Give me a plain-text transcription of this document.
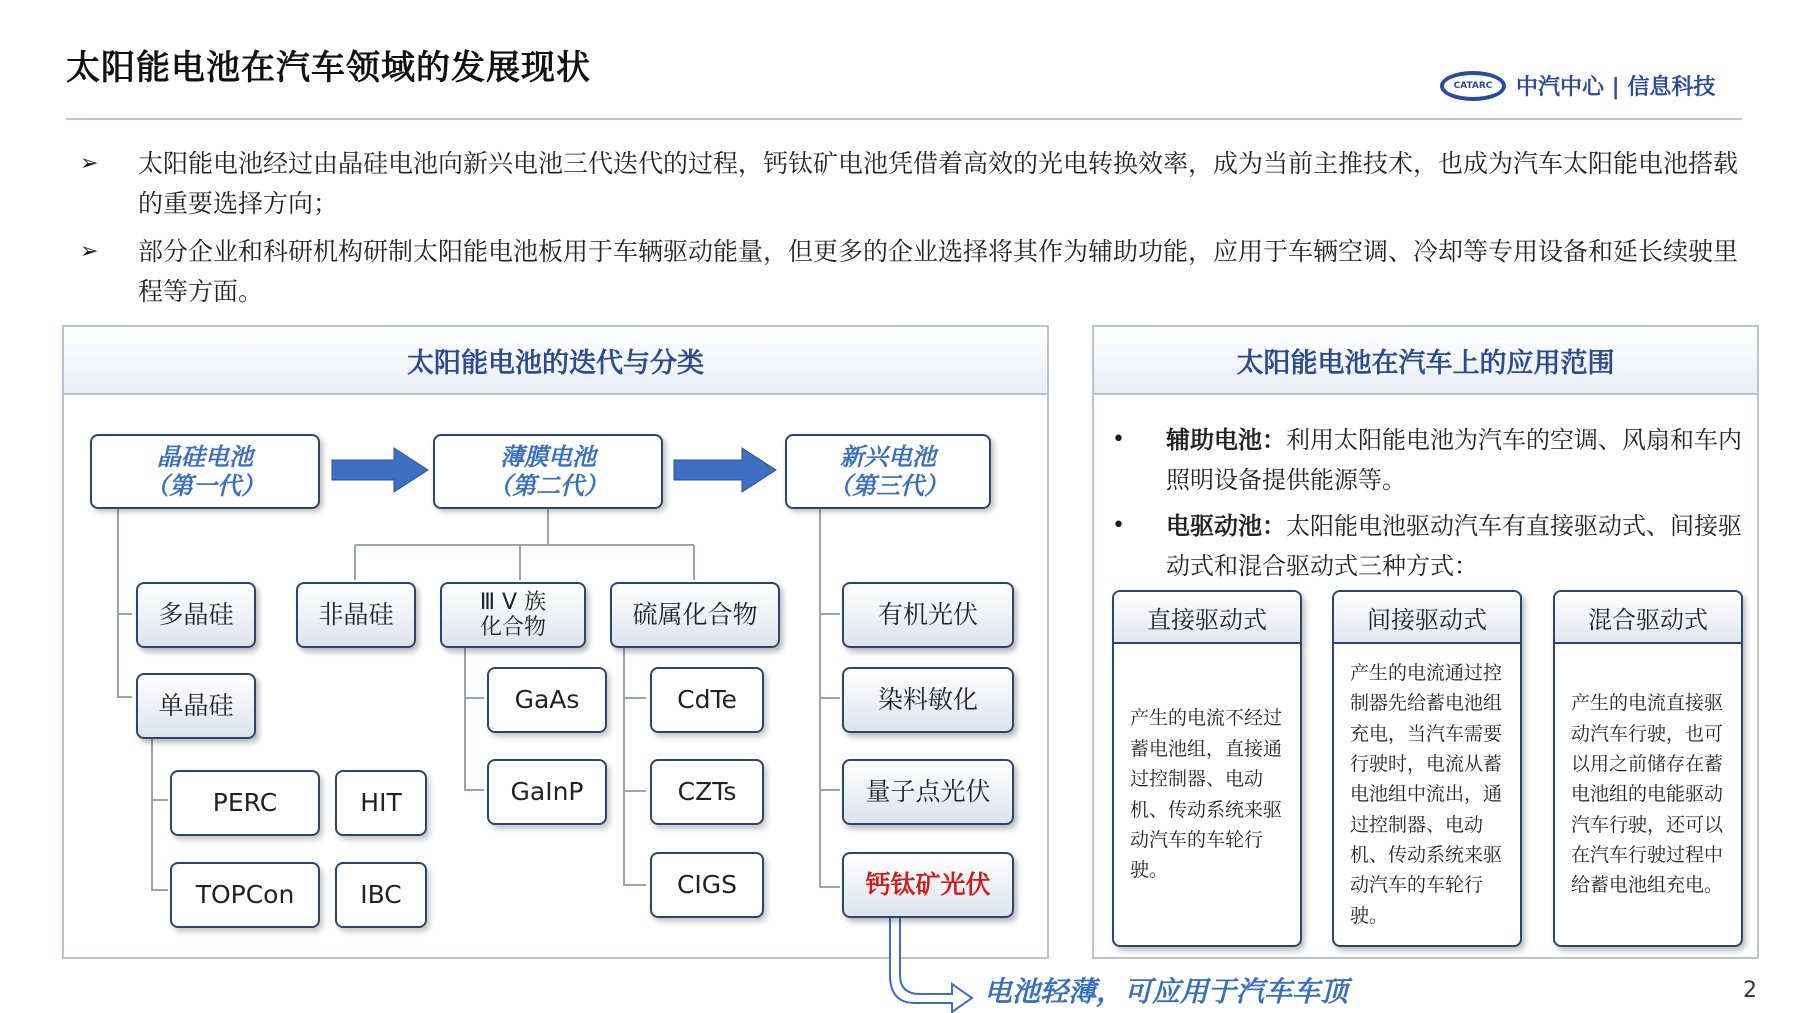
太阳能电池在汽车领域的发展现状	CATARC	中汽中心 | 信息科技
➢	太阳能电池经过由晶硅电池向新兴电池三代迭代的过程，钙钛矿电池凭借着高效的光电转换效率，成为当前主推技术，也成为汽车太阳能电池搭载的重要选择方向；
➢	部分企业和科研机构研制太阳能电池板用于车辆驱动能量，但更多的企业选择将其作为辅助功能，应用于车辆空调、冷却等专用设备和延长续驶里程等方面。
太阳能电池的迭代与分类	太阳能电池在汽车上的应用范围
晶硅电池
（第一代）
薄膜电池
（第二代）
新兴电池
（第三代）
多晶硅
单晶硅
PERC	HIT
TOPCon	IBC
非晶硅	Ⅲ V 族
化合物	硫属化合物
GaAs
GaInP
CdTe
CZTs
CIGS
有机光伏
染料敏化
量子点光伏
钙钛矿光伏
•	辅助电池：利用太阳能电池为汽车的空调、风扇和车内照明设备提供能源等。
•	电驱动池：太阳能电池驱动汽车有直接驱动式、间接驱动式和混合驱动式三种方式：
直接驱动式
产生的电流不经过蓄电池组，直接通过控制器、电动机、传动系统来驱动汽车的车轮行驶。
间接驱动式
产生的电流通过控制器先给蓄电池组充电，当汽车需要行驶时，电流从蓄电池组中流出，通过控制器、电动机、传动系统来驱动汽车的车轮行驶。
混合驱动式
产生的电流直接驱动汽车行驶，也可以用之前储存在蓄电池组的电能驱动汽车行驶，还可以在汽车行驶过程中给蓄电池组充电。
电池轻薄，可应用于汽车车顶	2
